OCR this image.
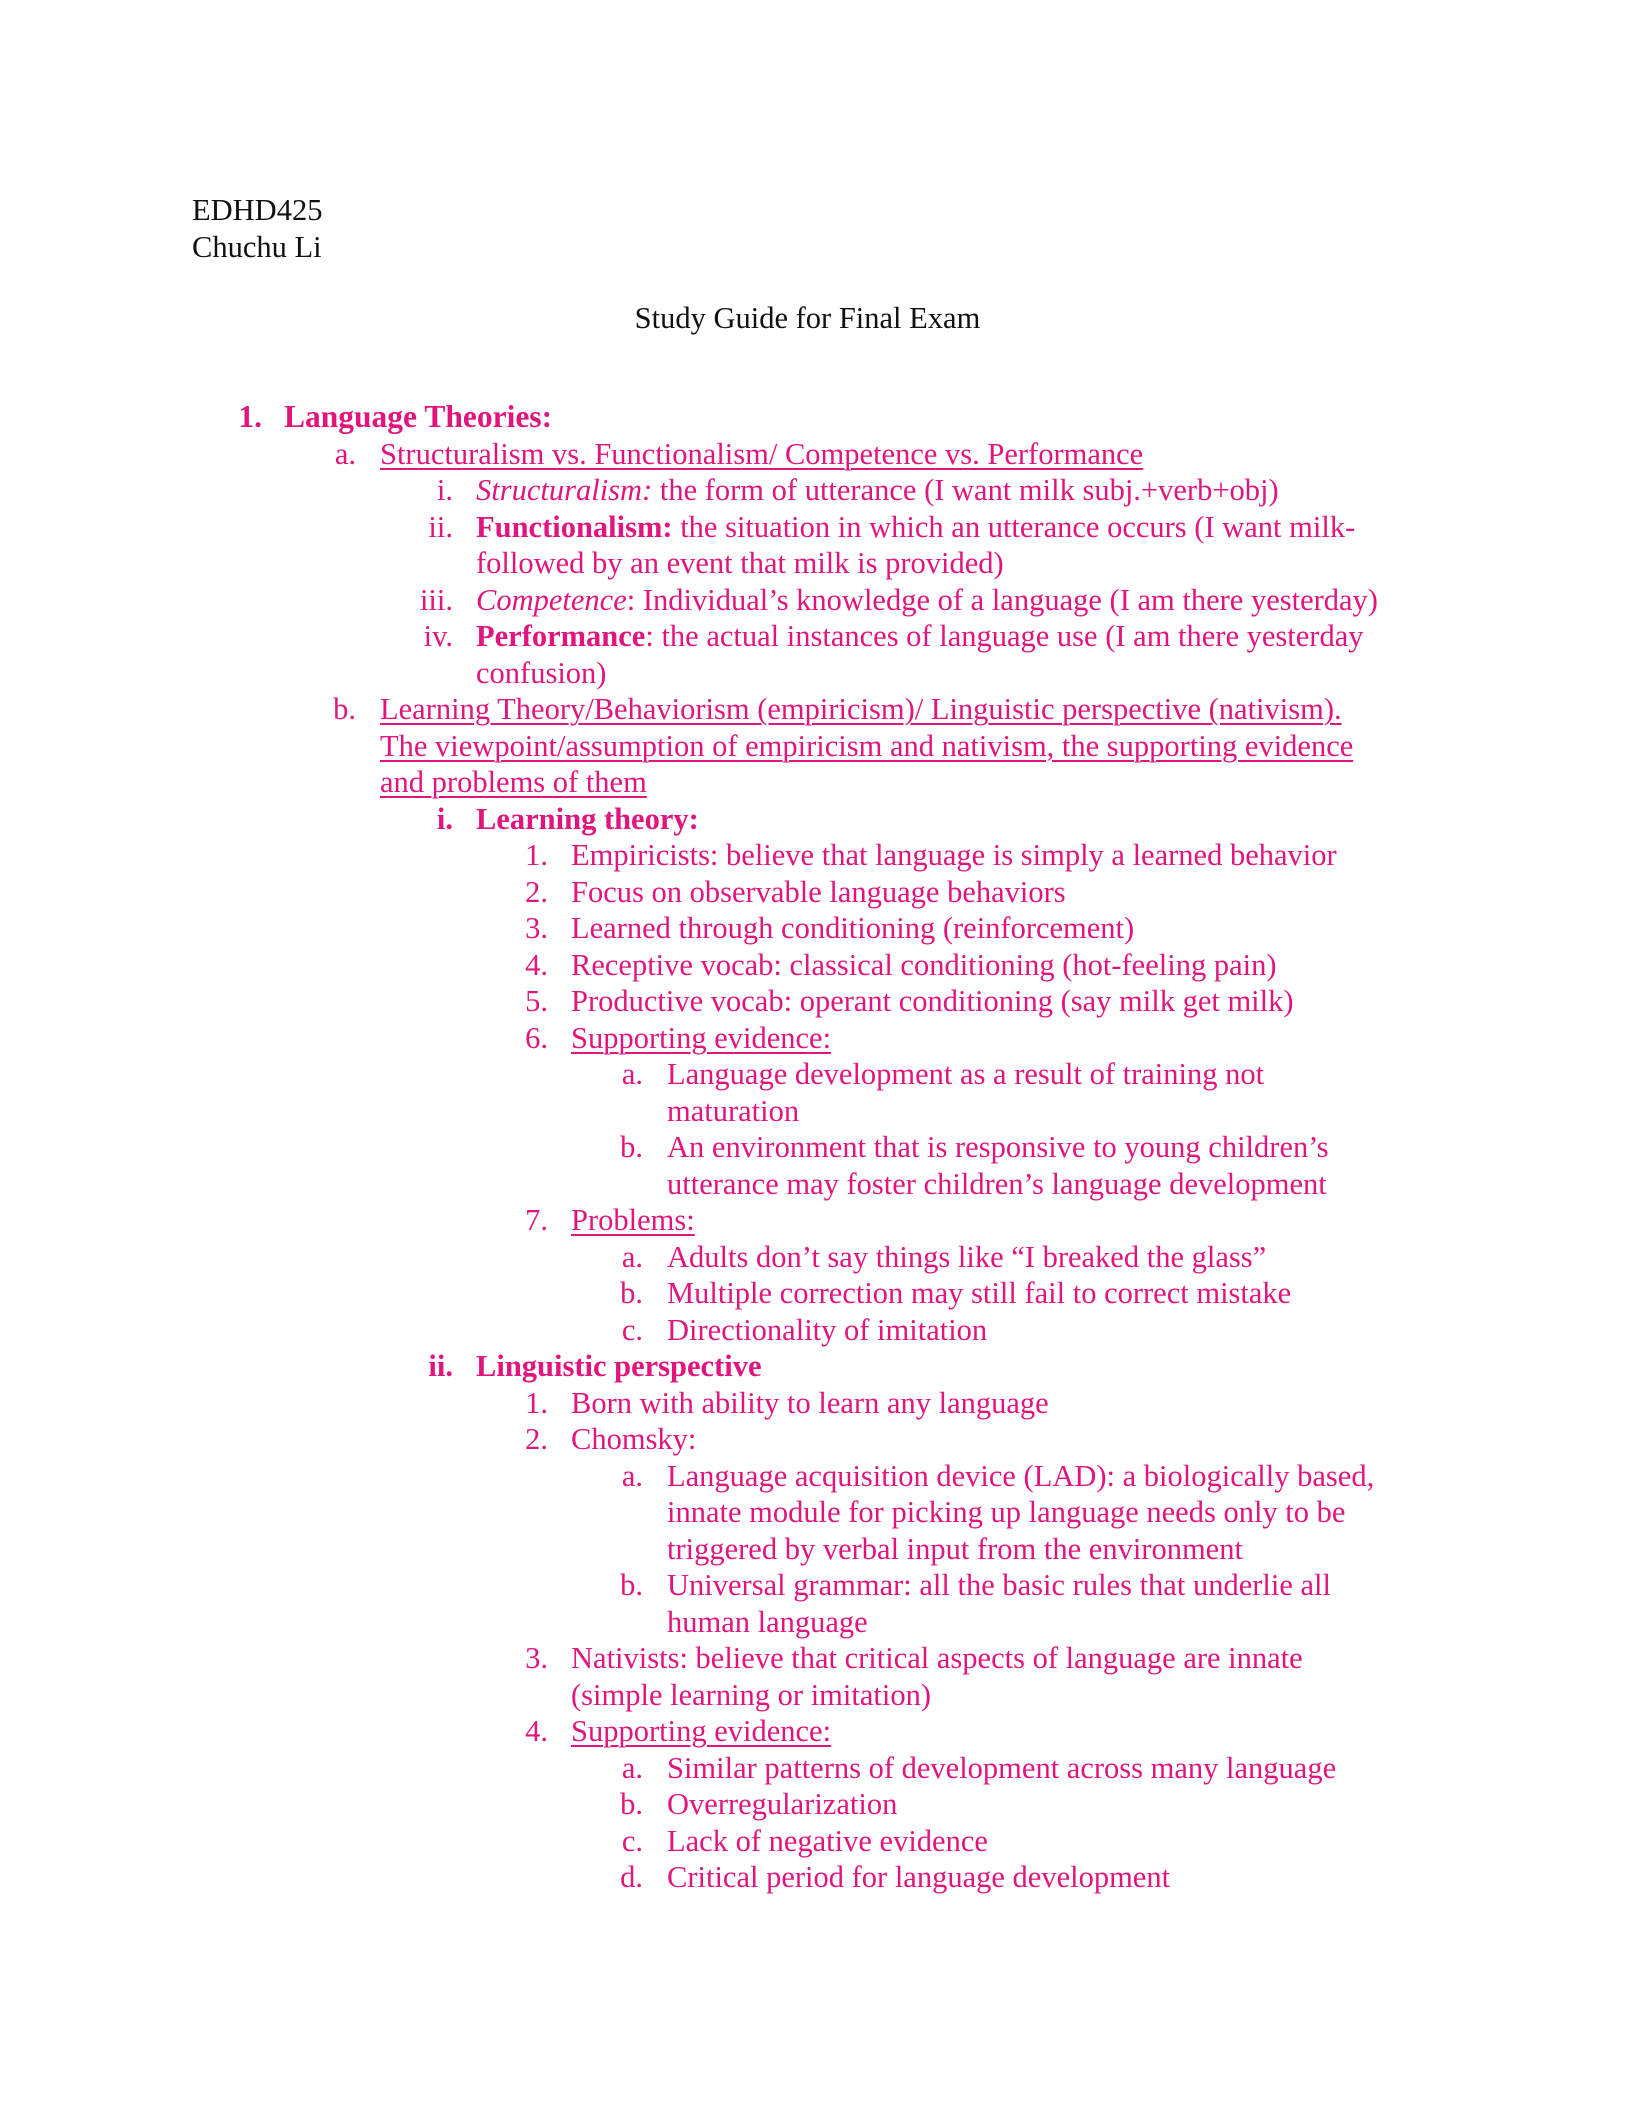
EDHD425
Chuchu Li
Study Guide for Final Exam
1. Language Theories:
a. Structuralism vs. Functionalism/ Competence vs. Performance
i. Structuralism: the form of utterance (I want milk subj.+verb+obj)
ii. Functionalism: the situation in which an utterance occurs (I want milk-
followed by an event that milk is provided)
iii. Competence: Individual’s knowledge of a language (I am there yesterday)
iv. Performance: the actual instances of language use (I am there yesterday
confusion)
b. Learning Theory/Behaviorism (empiricism)/ Linguistic perspective (nativism).
The viewpoint/assumption of empiricism and nativism, the supporting evidence
and problems of them
i. Learning theory:
1. Empiricists: believe that language is simply a learned behavior
2. Focus on observable language behaviors
3. Learned through conditioning (reinforcement)
4. Receptive vocab: classical conditioning (hot-feeling pain)
5. Productive vocab: operant conditioning (say milk get milk)
6. Supporting evidence:
a. Language development as a result of training not
maturation
b. An environment that is responsive to young children’s
utterance may foster children’s language development
7. Problems:
a. Adults don’t say things like “I breaked the glass”
b. Multiple correction may still fail to correct mistake
c. Directionality of imitation
ii. Linguistic perspective
1. Born with ability to learn any language
2. Chomsky:
a. Language acquisition device (LAD): a biologically based,
innate module for picking up language needs only to be
triggered by verbal input from the environment
b. Universal grammar: all the basic rules that underlie all
human language
3. Nativists: believe that critical aspects of language are innate
(simple learning or imitation)
4. Supporting evidence:
a. Similar patterns of development across many language
b. Overregularization
c. Lack of negative evidence
d. Critical period for language development
